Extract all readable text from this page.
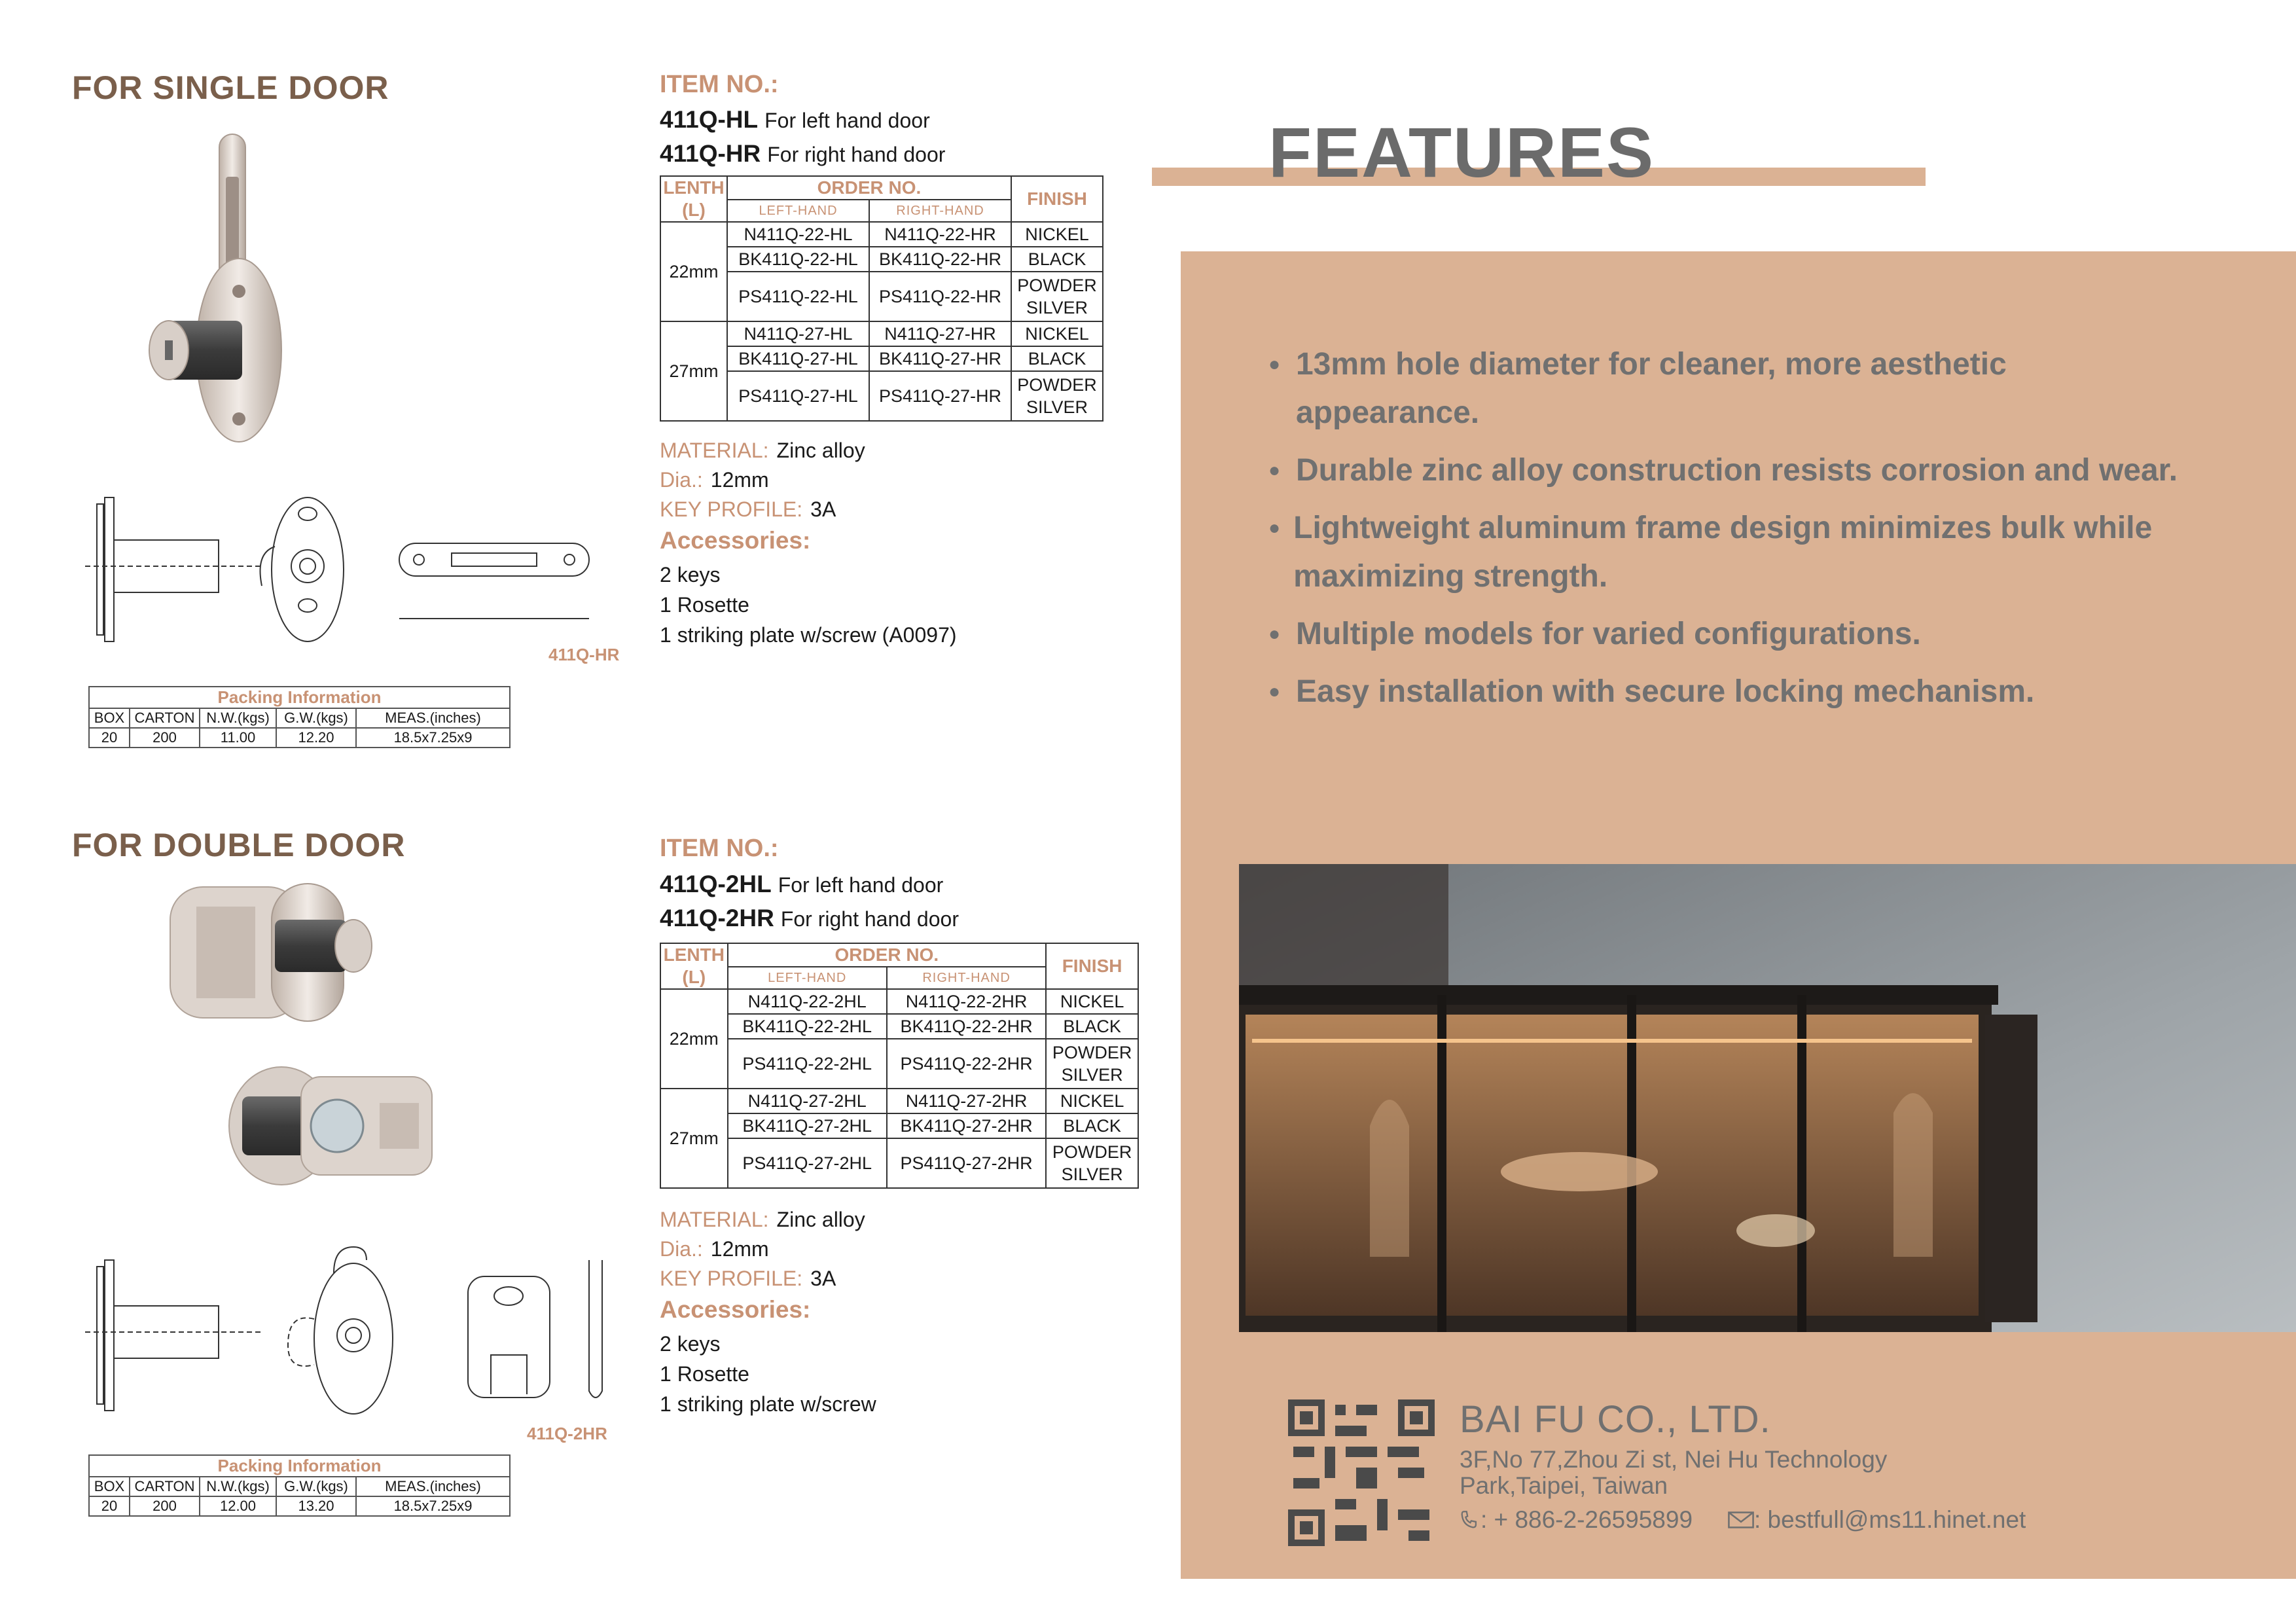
FOR SINGLE DOOR
411Q-HR
Packing Information				
BOX	CARTON	N.W.(kgs)	G.W.(kgs)	MEAS.(inches)
20	200	11.00	12.20	18.5x7.25x9
ITEM NO.:
411Q-HL For left hand door
411Q-HR For right hand door
LENTH (L)	ORDER NO.		FINISH
	LEFT-HAND	RIGHT-HAND	
22mm	N411Q-22-HL	N411Q-22-HR	NICKEL
	BK411Q-22-HL	BK411Q-22-HR	BLACK
	PS411Q-22-HL	PS411Q-22-HR	POWDER SILVER
27mm	N411Q-27-HL	N411Q-27-HR	NICKEL
	BK411Q-27-HL	BK411Q-27-HR	BLACK
	PS411Q-27-HL	PS411Q-27-HR	POWDER SILVER
MATERIAL: Zinc alloy
Dia.: 12mm
KEY PROFILE: 3A
Accessories:
2 keys
1 Rosette
1 striking plate w/screw (A0097)
FOR DOUBLE DOOR
411Q-2HR
Packing Information				
BOX	CARTON	N.W.(kgs)	G.W.(kgs)	MEAS.(inches)
20	200	12.00	13.20	18.5x7.25x9
ITEM NO.:
411Q-2HL For left hand door
411Q-2HR For right hand door
LENTH (L)	ORDER NO.		FINISH
	LEFT-HAND	RIGHT-HAND	
22mm	N411Q-22-2HL	N411Q-22-2HR	NICKEL
	BK411Q-22-2HL	BK411Q-22-2HR	BLACK
	PS411Q-22-2HL	PS411Q-22-2HR	POWDER SILVER
27mm	N411Q-27-2HL	N411Q-27-2HR	NICKEL
	BK411Q-27-2HL	BK411Q-27-2HR	BLACK
	PS411Q-27-2HL	PS411Q-27-2HR	POWDER SILVER
MATERIAL: Zinc alloy
Dia.: 12mm
KEY PROFILE: 3A
Accessories:
2 keys
1 Rosette
1 striking plate w/screw
FEATURES
● 13mm hole diameter for cleaner, more aesthetic appearance.
● Durable zinc alloy construction resists corrosion and wear.
● Lightweight aluminum frame design minimizes bulk while maximizing strength.
● Multiple models for varied configurations.
● Easy installation with secure locking mechanism.
BAI FU CO., LTD.
3F,No 77,Zhou Zi st, Nei Hu Technology
Park,Taipei, Taiwan
: + 886-2-26595899	: bestfull@ms11.hinet.net
